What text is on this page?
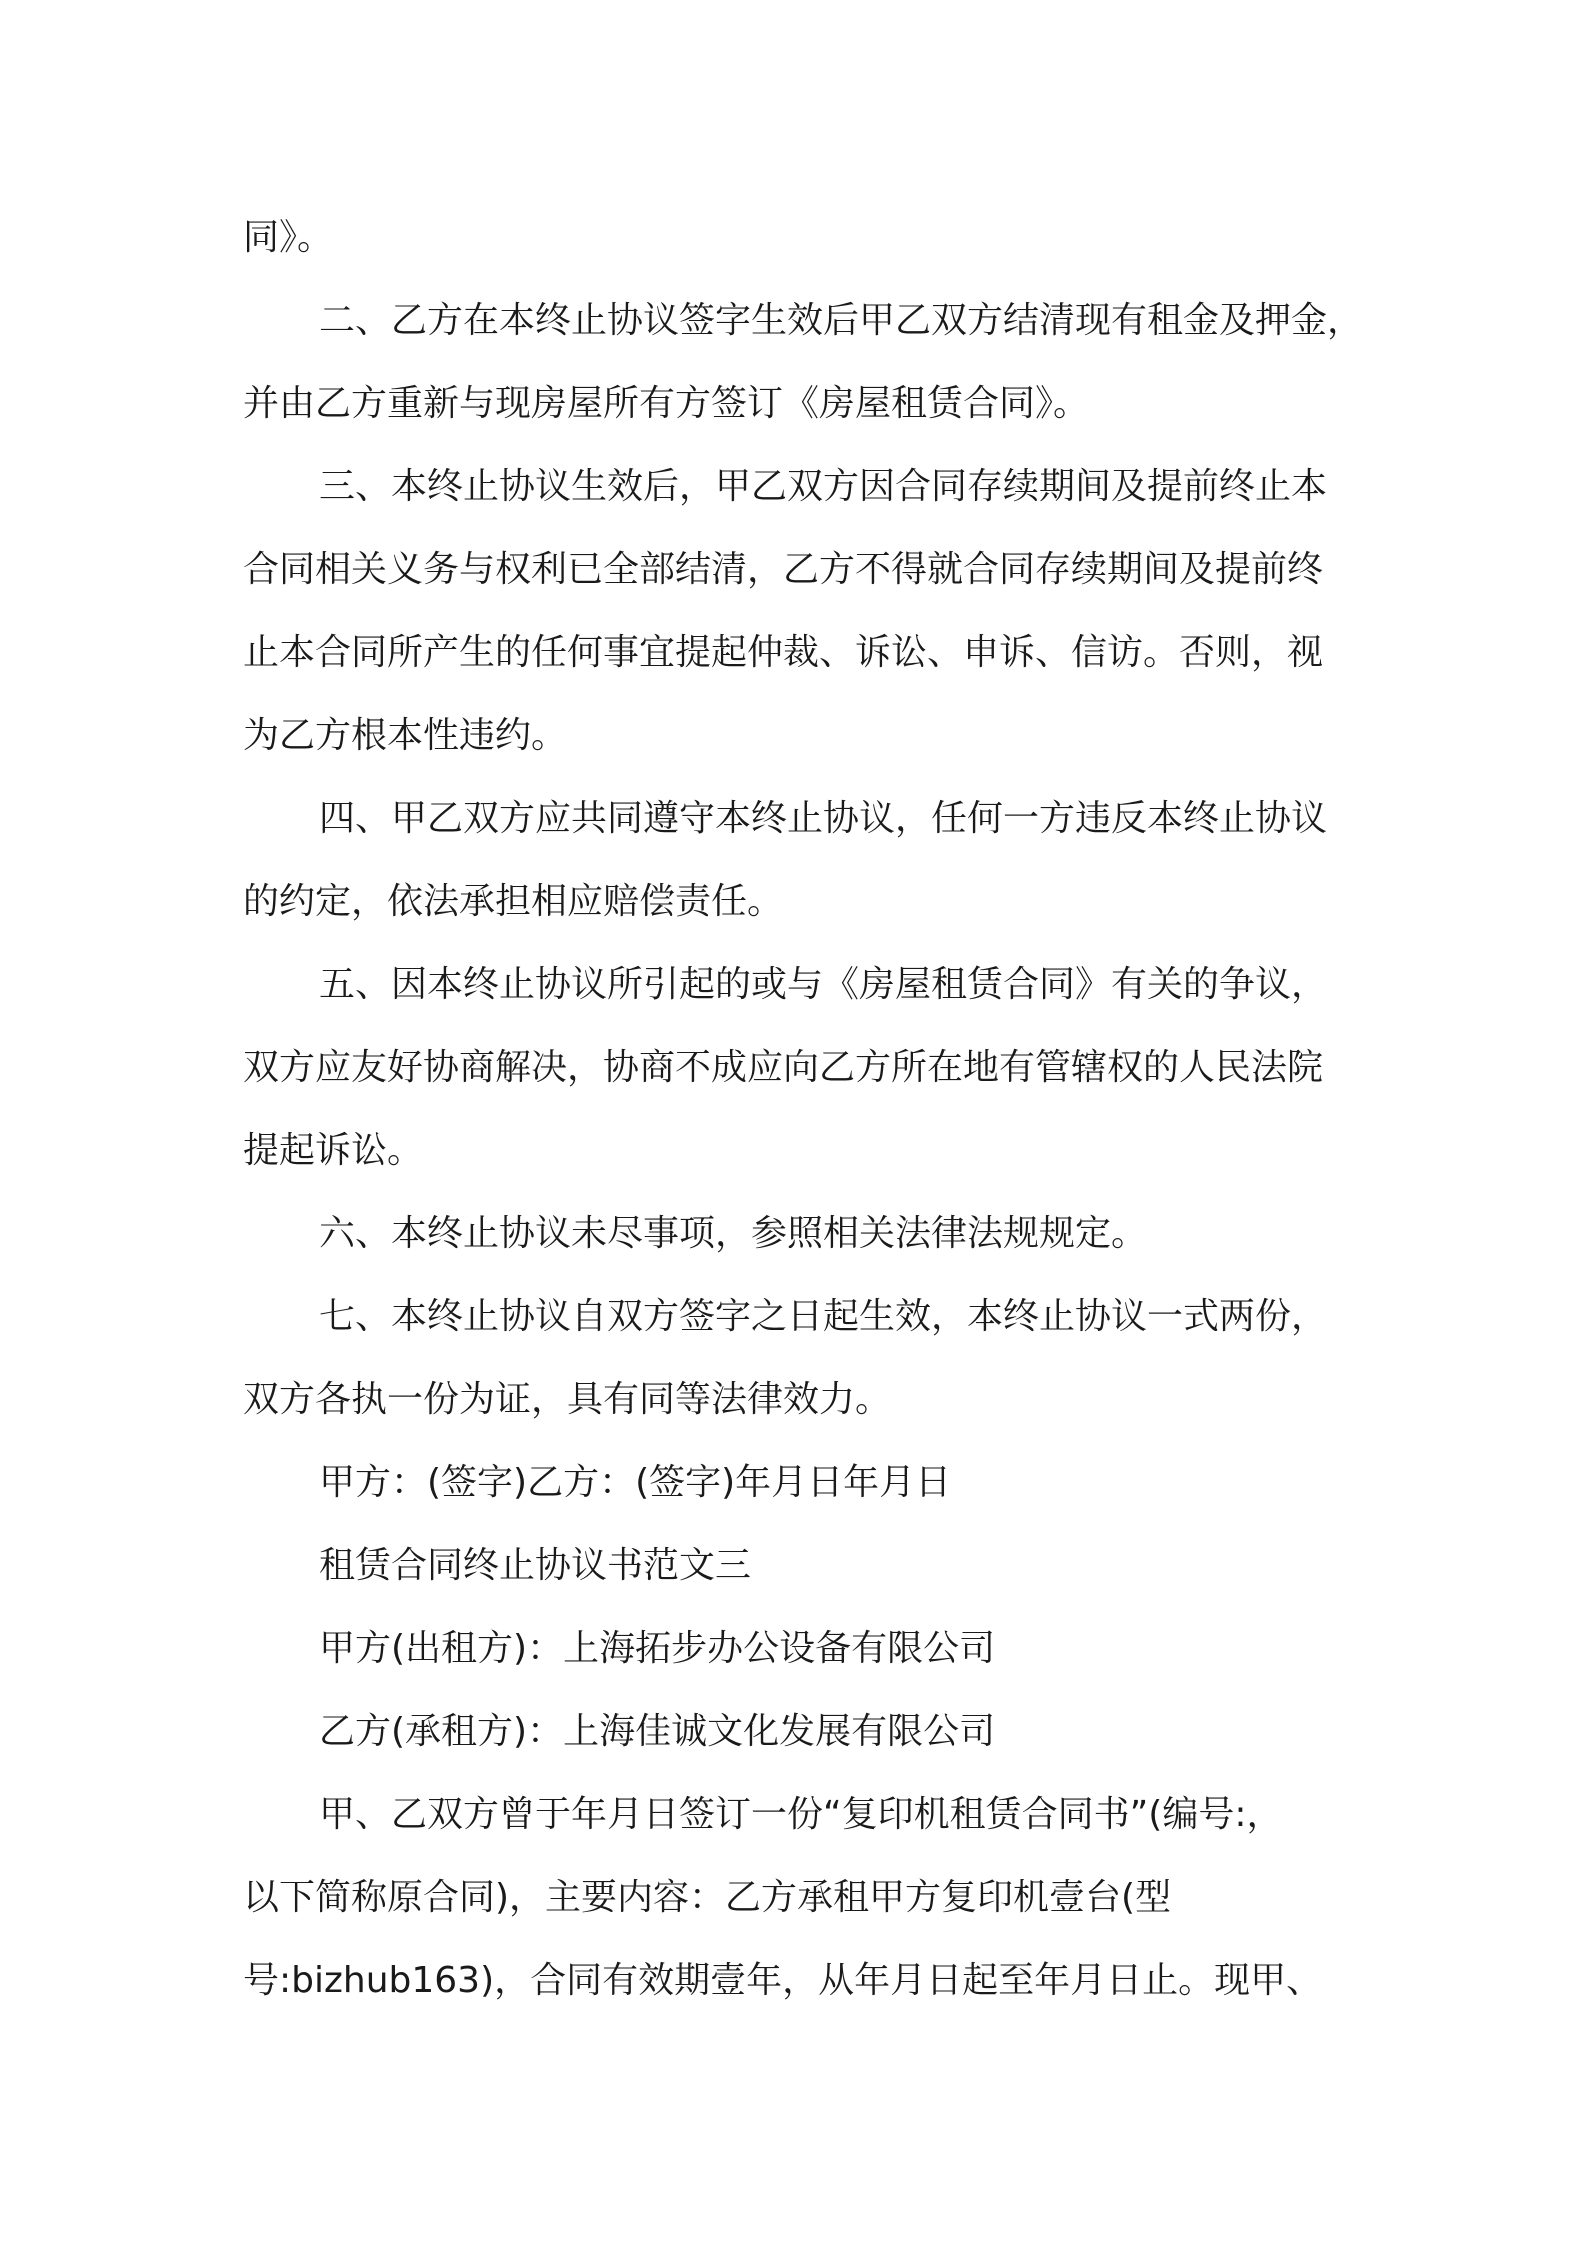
同》。

二、乙方在本终止协议签字生效后甲乙双方结清现有租金及押金，

并由乙方重新与现房屋所有方签订《房屋租赁合同》。

三、本终止协议生效后，甲乙双方因合同存续期间及提前终止本

合同相关义务与权利已全部结清，乙方不得就合同存续期间及提前终

止本合同所产生的任何事宜提起仲裁、诉讼、申诉、信访。否则，视

为乙方根本性违约。

四、甲乙双方应共同遵守本终止协议，任何一方违反本终止协议

的约定，依法承担相应赔偿责任。

五、因本终止协议所引起的或与《房屋租赁合同》有关的争议，

双方应友好协商解决，协商不成应向乙方所在地有管辖权的人民法院

提起诉讼。

六、本终止协议未尽事项，参照相关法律法规规定。

七、本终止协议自双方签字之日起生效，本终止协议一式两份，

双方各执一份为证，具有同等法律效力。

甲方：(签字)乙方：(签字)年月日年月日

租赁合同终止协议书范文三

甲方(出租方)：上海拓步办公设备有限公司

乙方(承租方)：上海佳诚文化发展有限公司

甲、乙双方曾于年月日签订一份“复印机租赁合同书”(编号:，

以下简称原合同)，主要内容：乙方承租甲方复印机壹台(型

号:bizhub163)，合同有效期壹年，从年月日起至年月日止。现甲、
